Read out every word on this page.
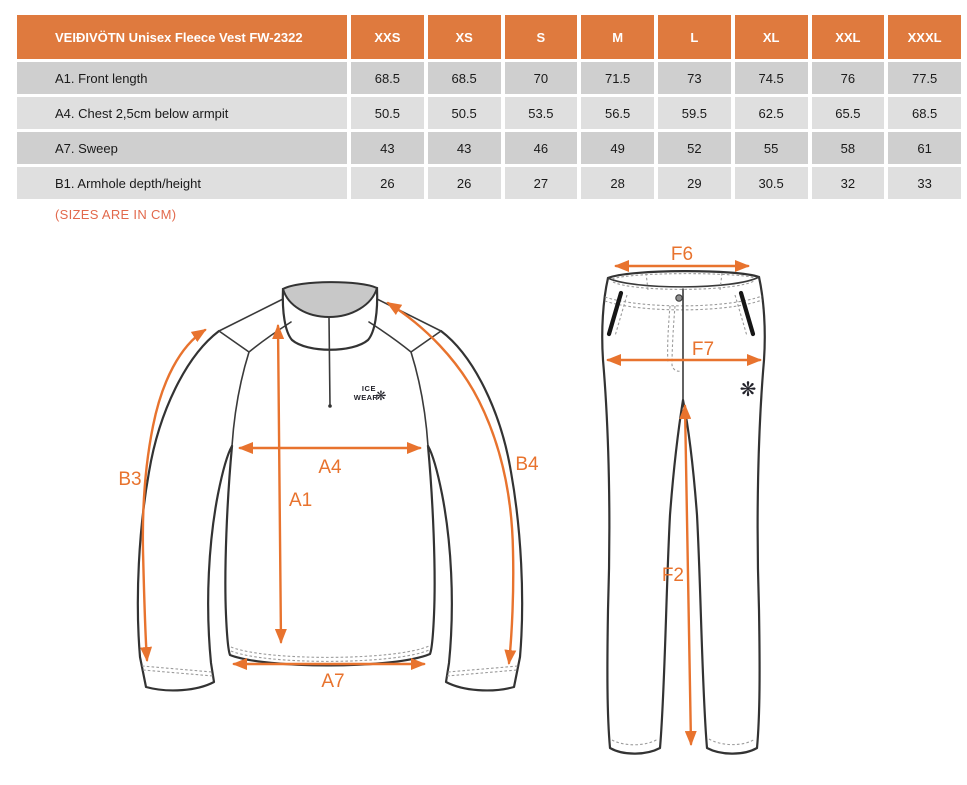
VEIÐIVÖTN Unisex Fleece Vest FW-2322	XXS	XS	S	M	L	XL	XXL	XXXL
A1. Front length	68.5	68.5	70	71.5	73	74.5	76	77.5
A4. Chest 2,5cm below armpit	50.5	50.5	53.5	56.5	59.5	62.5	65.5	68.5
A7. Sweep	43	43	46	49	52	55	58	61
B1. Armhole depth/height	26	26	27	28	29	30.5	32	33
(SIZES ARE IN CM)
ICE
WEAR
❋
A4
A1
A7
B3
B4
❋
F6
F7
F2
